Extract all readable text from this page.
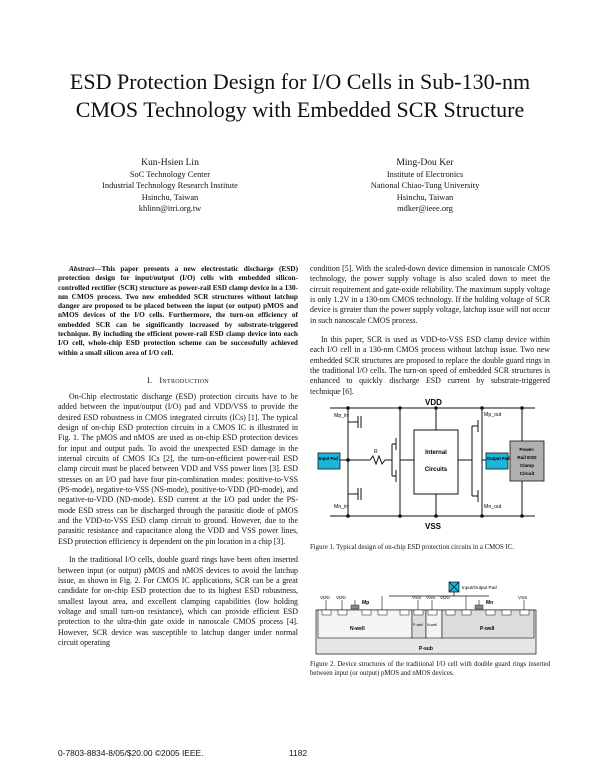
ESD Protection Design for I/O Cells in Sub-130-nm
CMOS Technology with Embedded SCR Structure
Kun-Hsien Lin
SoC Technology Center
Industrial Technology Research Institute
Hsinchu, Taiwan
khlinn@itri.org.tw
Ming-Dou Ker
Institute of Electronics
National Chiao-Tung University
Hsinchu, Taiwan
mdker@ieee.org

Abstract—This paper presents a new electrostatic discharge (ESD) protection design for input/output (I/O) cells with embedded silicon-controlled rectifier (SCR) structure as power-rail ESD clamp device in a 130-nm CMOS process. Two new embedded SCR structures without latchup danger are proposed to be placed between the input (or output) pMOS and nMOS devices of the I/O cells. Furthermore, the turn-on efficiency of embedded SCR can be significantly increased by substrate-triggered technique. By including the efficient power-rail ESD clamp device into each I/O cell, whole-chip ESD protection scheme can be successfully achieved within a small silicon area of I/O cell.

I. Introduction

On-Chip electrostatic discharge (ESD) protection circuits have to be added between the input/output (I/O) pad and VDD/VSS to provide the desired ESD robustness in CMOS integrated circuits (ICs) [1]. The typical design of on-chip ESD protection circuits in a CMOS IC is illustrated in Fig. 1. The pMOS and nMOS are used as on-chip ESD protection devices for input and output pads. To avoid the unexpected ESD damage in the internal circuits of CMOS ICs [2], the turn-on-efficient power-rail ESD clamp circuit must be placed between VDD and VSS power lines [3]. ESD stresses on an I/O pad have four pin-combination modes: positive-to-VSS (PS-mode), negative-to-VSS (NS-mode), positive-to-VDD (PD-mode), and negative-to-VDD (ND-mode). ESD current at the I/O pad under the PS-mode ESD stress can be discharged through the parasitic diode of pMOS and the VDD-to-VSS ESD clamp circuit to ground. However, due to the parasitic resistance and capacitance along the VDD and VSS power lines, ESD protection efficiency is dependent on the pin location in a chip [3].

In the traditional I/O cells, double guard rings have been often inserted between input (or output) pMOS and nMOS devices to avoid the latchup issue, as shown in Fig. 2. For CMOS IC applications, SCR can be a great candidate for on-chip ESD protection due to its highest ESD robustness, smallest layout area, and excellent clamping capabilities (low holding voltage and small turn-on resistance), which can provide efficient ESD protection to the ultra-thin gate oxide in nanoscale CMOS process [4]. However, SCR device was susceptible to latchup danger under normal circuit operating

condition [5]. With the scaled-down device dimension in nanoscale CMOS technology, the power supply voltage is also scaled down to meet the circuit requirement and gate-oxide reliability. The maximum supply voltage is only 1.2V in a 130-nm CMOS technology. If the holding voltage of SCR device is greater than the power supply voltage, latchup issue will not occur in such nanoscale CMOS process.

In this paper, SCR is used as VDD-to-VSS ESD clamp device within each I/O cell in a 130-nm CMOS process without latchup issue. Two new embedded SCR structures are proposed to replace the double guard rings in the traditional I/O cells. The turn-on speed of embedded SCR structures is enhanced to quickly discharge ESD current by substrate-triggered technique [6].

VDD
VSS
Mp_in
Mn_in
Mp_out
Mn_out
R
Input Pad	Output Pad
Internal
Circuits
Power-
Rail ESD
Clamp
Circuit
Figure 1. Typical design of on-chip ESD protection circuits in a CMOS IC.
Input/Output Pad
VDD VDD	VSS VSS VDD	VSS
Mp	Mn
N-well
P-well N-well
P-well
P-sub
Figure 2. Device structures of the traditional I/O cell with double guard rings inserted between input (or output) pMOS and nMOS devices.
0-7803-8834-8/05/$20.00 ©2005 IEEE.	1182
